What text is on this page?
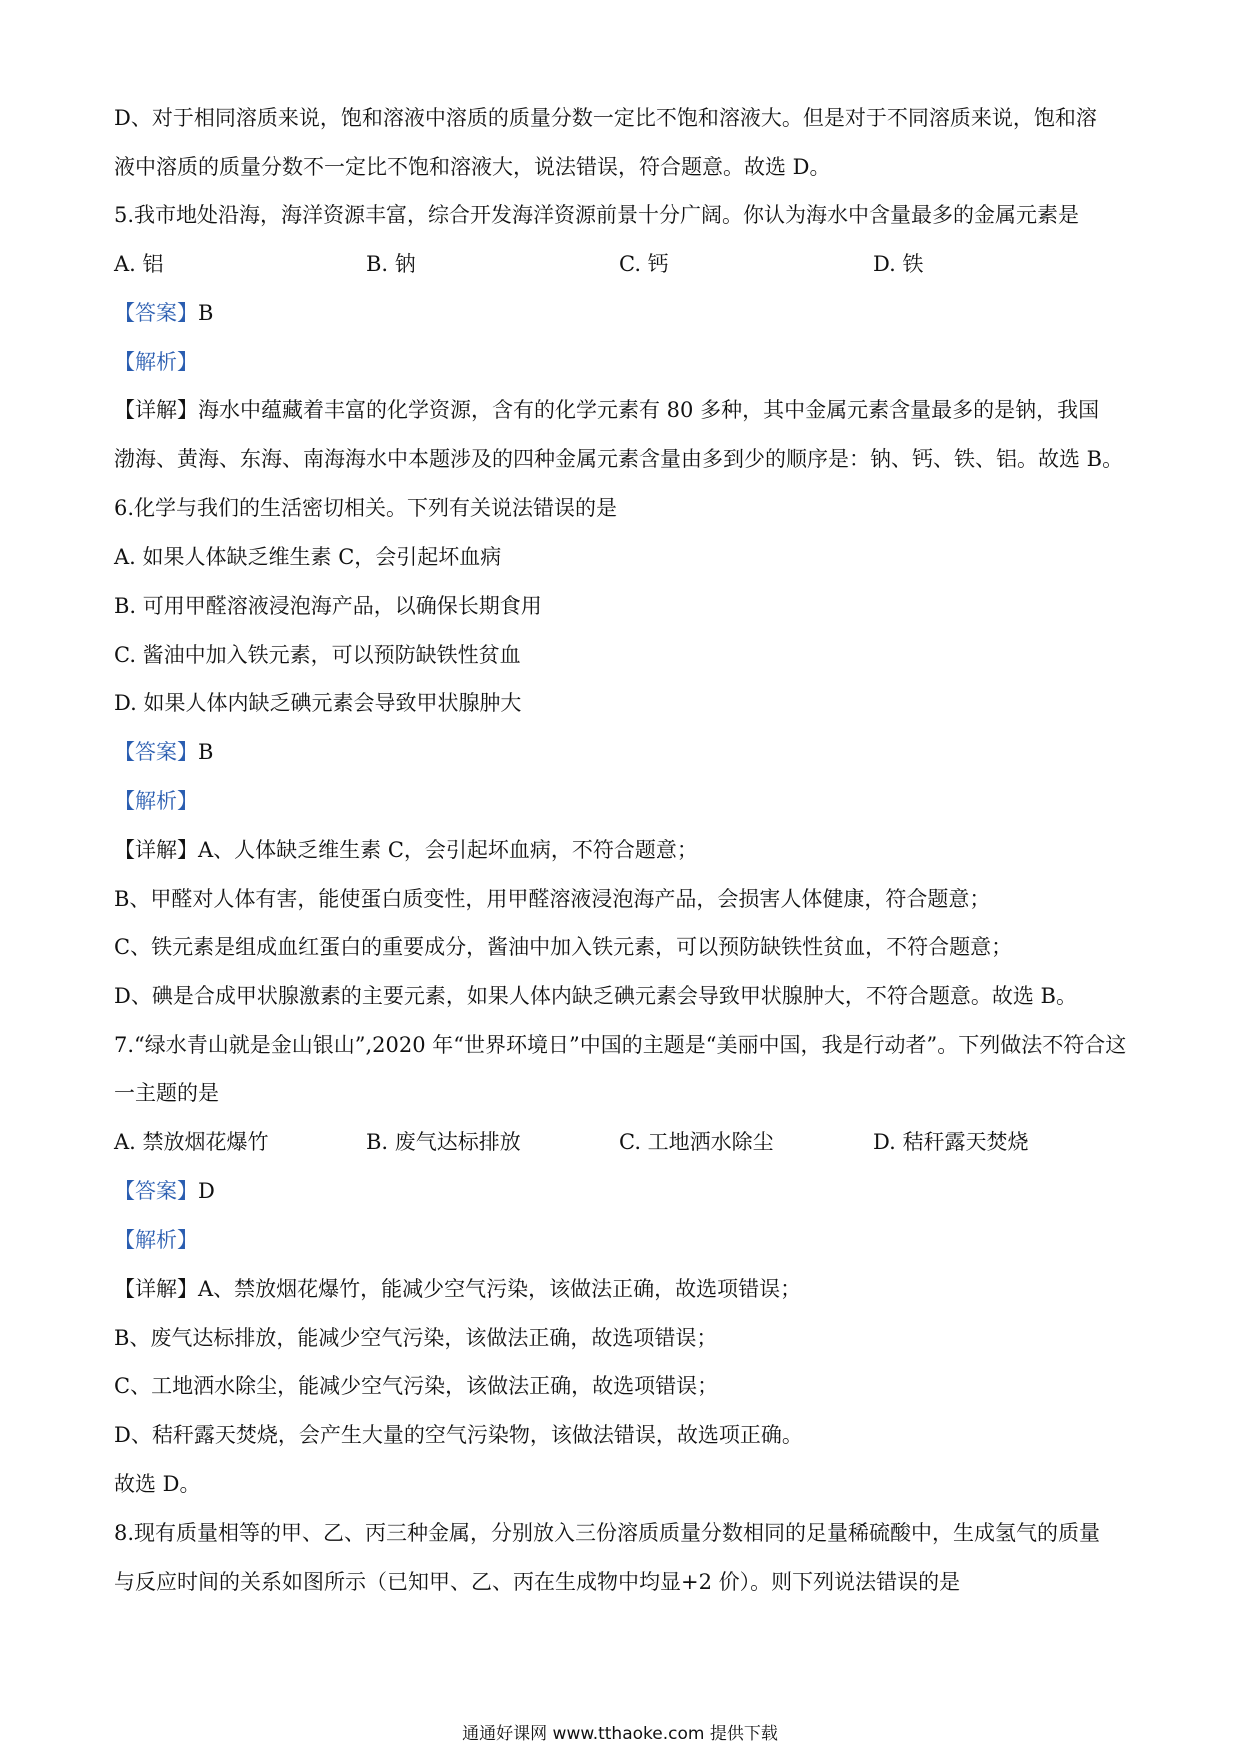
D、对于相同溶质来说，饱和溶液中溶质的质量分数一定比不饱和溶液大。但是对于不同溶质来说，饱和溶
液中溶质的质量分数不一定比不饱和溶液大，说法错误，符合题意。故选 D。
5.我市地处沿海，海洋资源丰富，综合开发海洋资源前景十分广阔。你认为海水中含量最多的金属元素是
A. 铝	B. 钠	C. 钙	D. 铁
【答案】B
【解析】
【详解】海水中蕴藏着丰富的化学资源，含有的化学元素有 80 多种，其中金属元素含量最多的是钠，我国
渤海、黄海、东海、南海海水中本题涉及的四种金属元素含量由多到少的顺序是：钠、钙、铁、铝。故选 B。
6.化学与我们的生活密切相关。下列有关说法错误的是
A. 如果人体缺乏维生素 C，会引起坏血病
B. 可用甲醛溶液浸泡海产品，以确保长期食用
C. 酱油中加入铁元素，可以预防缺铁性贫血
D. 如果人体内缺乏碘元素会导致甲状腺肿大
【答案】B
【解析】
【详解】A、人体缺乏维生素 C，会引起坏血病，不符合题意；
B、甲醛对人体有害，能使蛋白质变性，用甲醛溶液浸泡海产品，会损害人体健康，符合题意；
C、铁元素是组成血红蛋白的重要成分，酱油中加入铁元素，可以预防缺铁性贫血，不符合题意；
D、碘是合成甲状腺激素的主要元素，如果人体内缺乏碘元素会导致甲状腺肿大，不符合题意。故选 B。
7.“绿水青山就是金山银山”,2020 年“世界环境日”中国的主题是“美丽中国，我是行动者”。下列做法不符合这
一主题的是
A. 禁放烟花爆竹	B. 废气达标排放	C. 工地洒水除尘	D. 秸秆露天焚烧
【答案】D
【解析】
【详解】A、禁放烟花爆竹，能减少空气污染，该做法正确，故选项错误；
B、废气达标排放，能减少空气污染，该做法正确，故选项错误；
C、工地洒水除尘，能减少空气污染，该做法正确，故选项错误；
D、秸秆露天焚烧，会产生大量的空气污染物，该做法错误，故选项正确。
故选 D。
8.现有质量相等的甲、乙、丙三种金属，分别放入三份溶质质量分数相同的足量稀硫酸中，生成氢气的质量
与反应时间的关系如图所示（已知甲、乙、丙在生成物中均显+2 价）。则下列说法错误的是
通通好课网 www.tthaoke.com 提供下载
